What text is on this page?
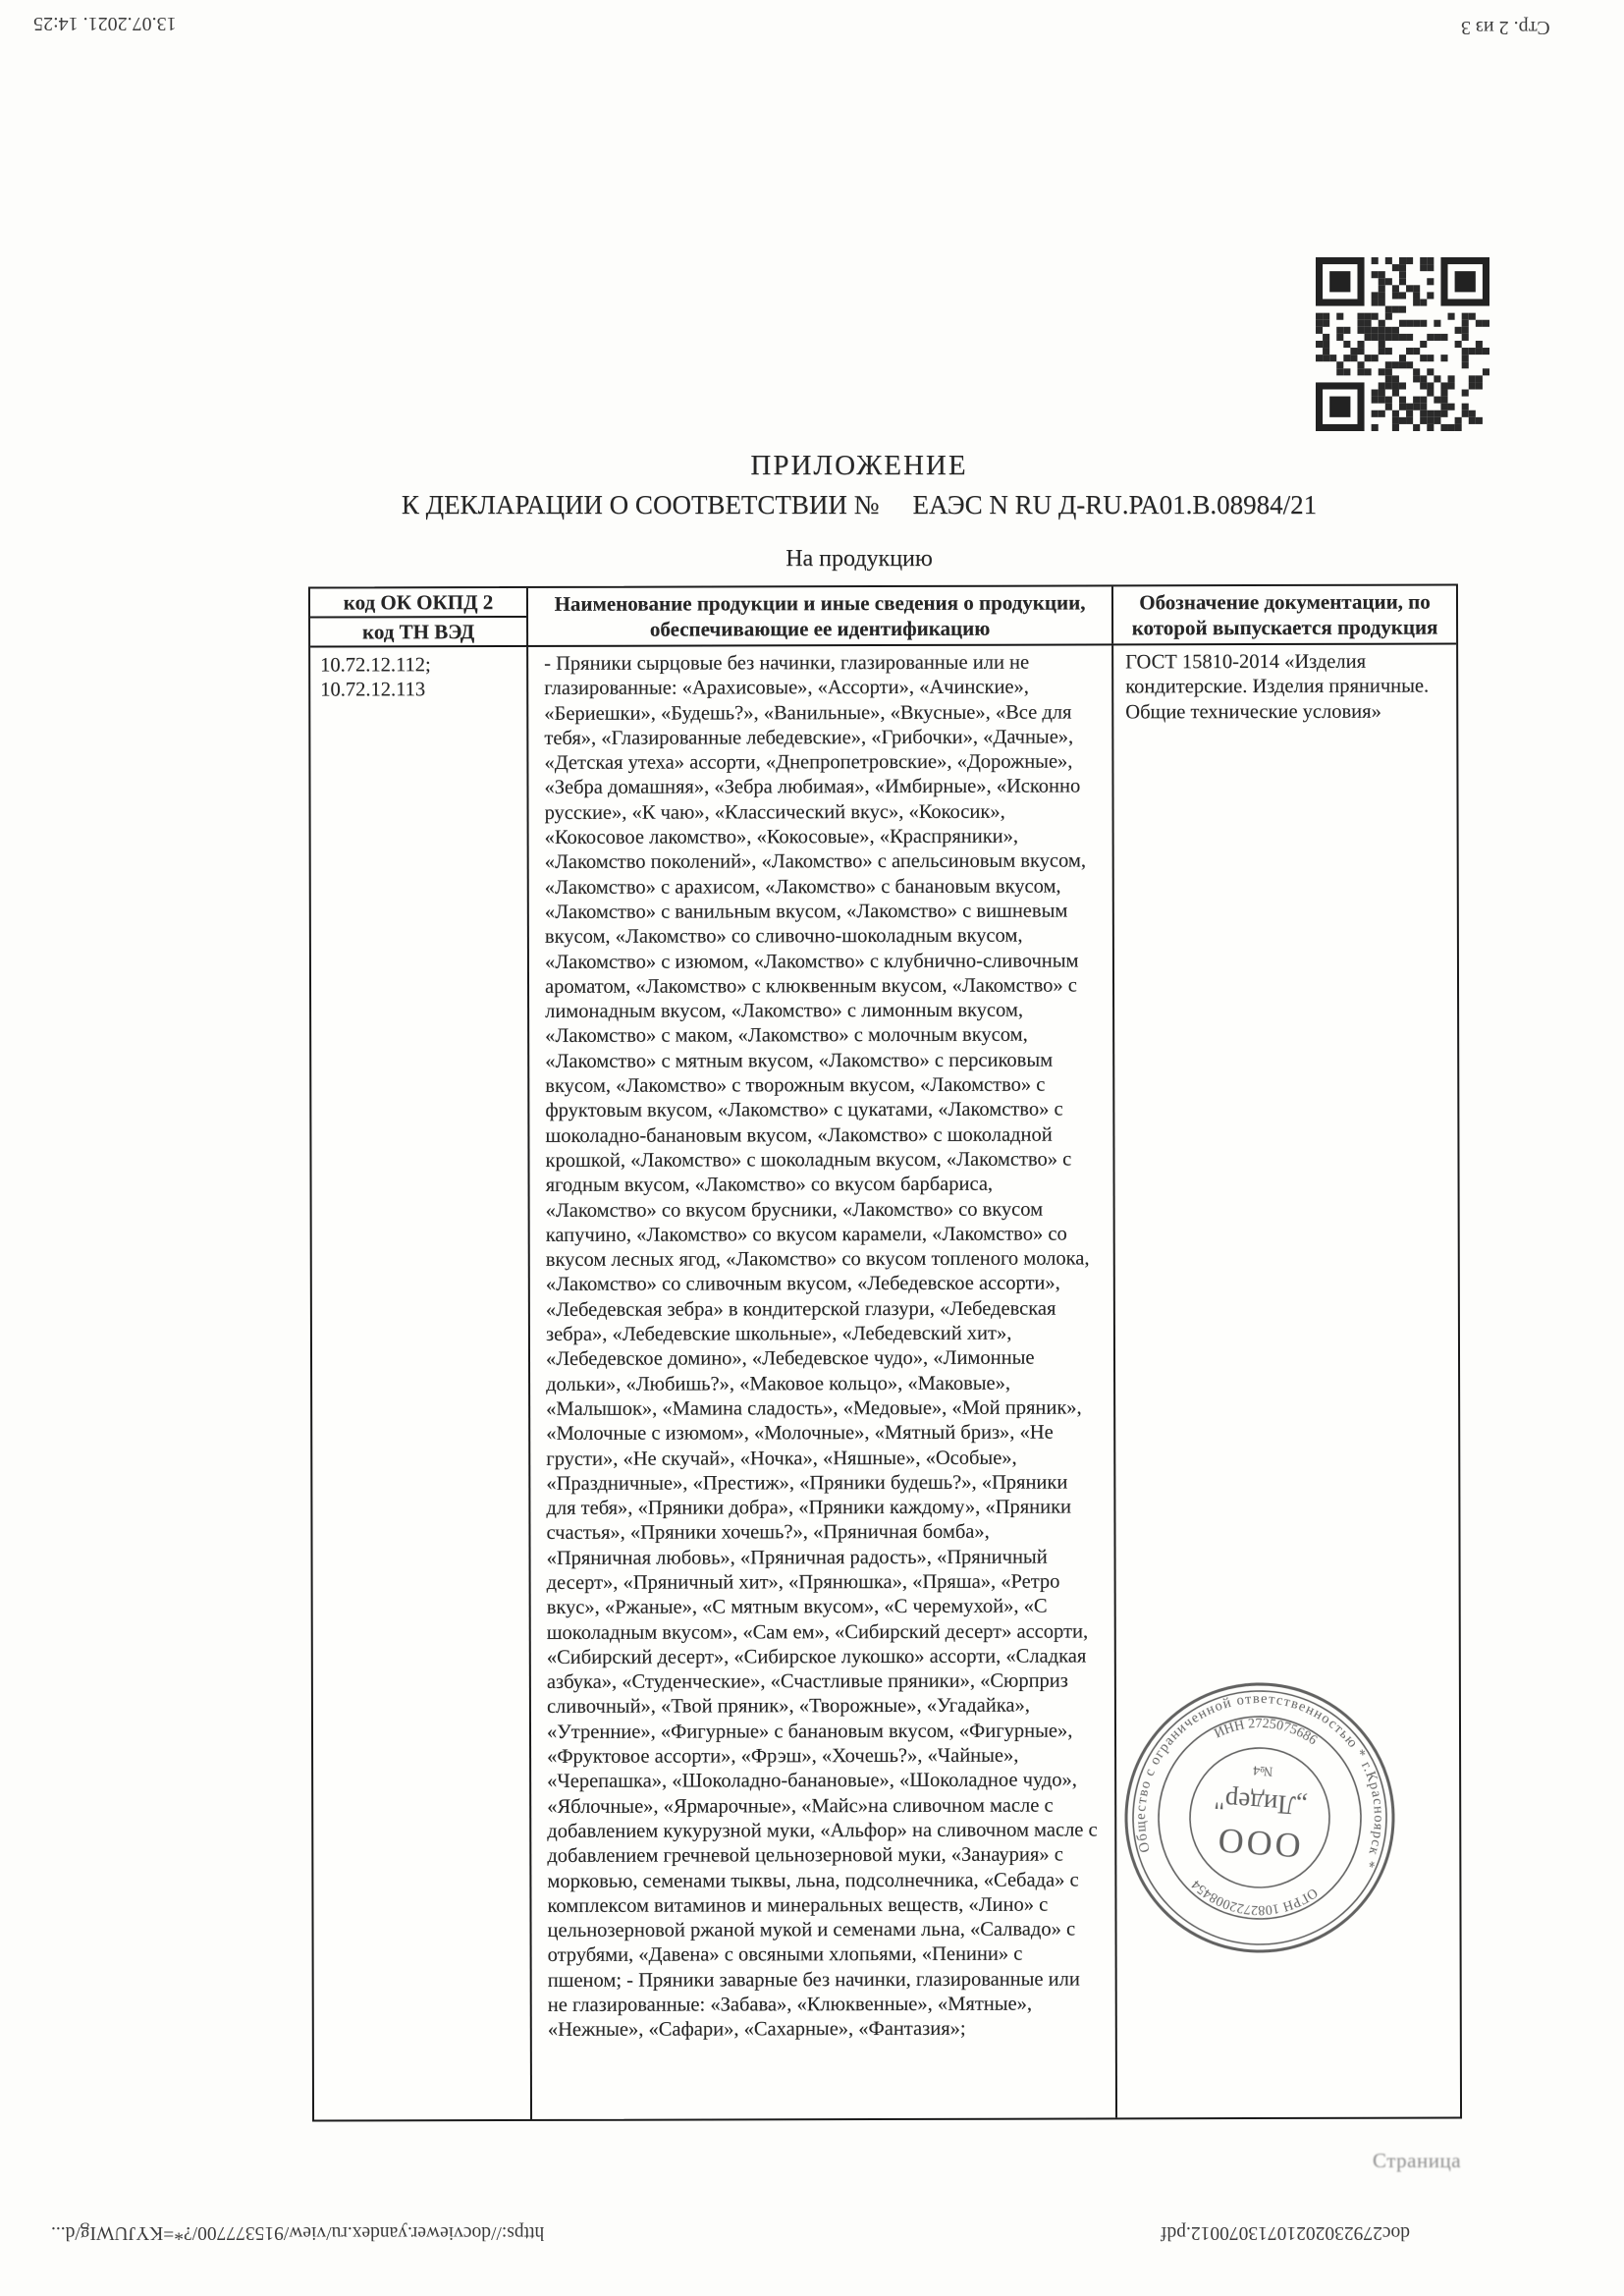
13.07.2021. 14:25	Стр. 2 из 3
ПРИЛОЖЕНИЕ
К ДЕКЛАРАЦИИ О СООТВЕТСТВИИ № ЕАЭС N RU Д-RU.РА01.В.08984/21
На продукцию
код ОК ОКПД 2
код ТН ВЭД
Наименование продукции и иные сведения о продукции, обеспечивающие ее идентификацию
Обозначение документации, по которой выпускается продукция
10.72.12.112;
10.72.12.113
- Пряники сырцовые без начинки, глазированные или не глазированные: «Арахисовые», «Ассорти», «Ачинские», «Бериешки», «Будешь?», «Ванильные», «Вкусные», «Все для тебя», «Глазированные лебедевские», «Грибочки», «Дачные», «Детская утеха» ассорти, «Днепропетровские», «Дорожные», «Зебра домашняя», «Зебра любимая», «Имбирные», «Исконно русские», «К чаю», «Классический вкус», «Кокосик», «Кокосовое лакомство», «Кокосовые», «Краспряники», «Лакомство поколений», «Лакомство» с апельсиновым вкусом, «Лакомство» с арахисом, «Лакомство» с банановым вкусом, «Лакомство» с ванильным вкусом, «Лакомство» с вишневым вкусом, «Лакомство» со сливочно-шоколадным вкусом, «Лакомство» с изюмом, «Лакомство» с клубнично-сливочным ароматом, «Лакомство» с клюквенным вкусом, «Лакомство» с лимонадным вкусом, «Лакомство» с лимонным вкусом, «Лакомство» с маком, «Лакомство» с молочным вкусом, «Лакомство» с мятным вкусом, «Лакомство» с персиковым вкусом, «Лакомство» с творожным вкусом, «Лакомство» с фруктовым вкусом, «Лакомство» с цукатами, «Лакомство» с шоколадно-банановым вкусом, «Лакомство» с шоколадной крошкой, «Лакомство» с шоколадным вкусом, «Лакомство» с ягодным вкусом, «Лакомство» со вкусом барбариса, «Лакомство» со вкусом брусники, «Лакомство» со вкусом капучино, «Лакомство» со вкусом карамели, «Лакомство» со вкусом лесных ягод, «Лакомство» со вкусом топленого молока, «Лакомство» со сливочным вкусом, «Лебедевское ассорти», «Лебедевская зебра» в кондитерской глазури, «Лебедевская зебра», «Лебедевские школьные», «Лебедевский хит», «Лебедевское домино», «Лебедевское чудо», «Лимонные дольки», «Любишь?», «Маковое кольцо», «Маковые», «Малышок», «Мамина сладость», «Медовые», «Мой пряник», «Молочные с изюмом», «Молочные», «Мятный бриз», «Не грусти», «Не скучай», «Ночка», «Няшные», «Особые», «Праздничные», «Престиж», «Пряники будешь?», «Пряники для тебя», «Пряники добра», «Пряники каждому», «Пряники счастья», «Пряники хочешь?», «Пряничная бомба», «Пряничная любовь», «Пряничная радость», «Пряничный десерт», «Пряничный хит», «Прянюшка», «Пряша», «Ретро вкус», «Ржаные», «С мятным вкусом», «С черемухой», «С шоколадным вкусом», «Сам ем», «Сибирский десерт» ассорти, «Сибирский десерт», «Сибирское лукошко» ассорти, «Сладкая азбука», «Студенческие», «Счастливые пряники», «Сюрприз сливочный», «Твой пряник», «Творожные», «Угадайка», «Утренние», «Фигурные» с банановым вкусом, «Фигурные», «Фруктовое ассорти», «Фрэш», «Хочешь?», «Чайные», «Черепашка», «Шоколадно-банановые», «Шоколадное чудо», «Яблочные», «Ярмарочные», «Майс»на сливочном масле с добавлением кукурузной муки, «Альфор» на сливочном масле с добавлением гречневой цельнозерновой муки, «Занаурия» с морковью, семенами тыквы, льна, подсолнечника, «Себада» с комплексом витаминов и минеральных веществ, «Лино» с цельнозерновой ржаной мукой и семенами льна, «Салвадо» с отрубями, «Давена» с овсяными хлопьями, «Пенини» с пшеном; - Пряники заварные без начинки, глазированные или не глазированные: «Забава», «Клюквенные», «Мятные», «Нежные», «Сафари», «Сахарные», «Фантазия»;
ГОСТ 15810-2014 «Изделия кондитерские. Изделия пряничные. Общие технические условия»
Общество с ограниченной ответственностью * г.Красноярск *
ОГРН 1082722008454
ИНН 2725075686
ООО
„Лидер"
№4
Страница
https://docviewer.yandex.ru/view/915377700/?*=KYJUWIg/d...	doc27923020210713070012.pdf
